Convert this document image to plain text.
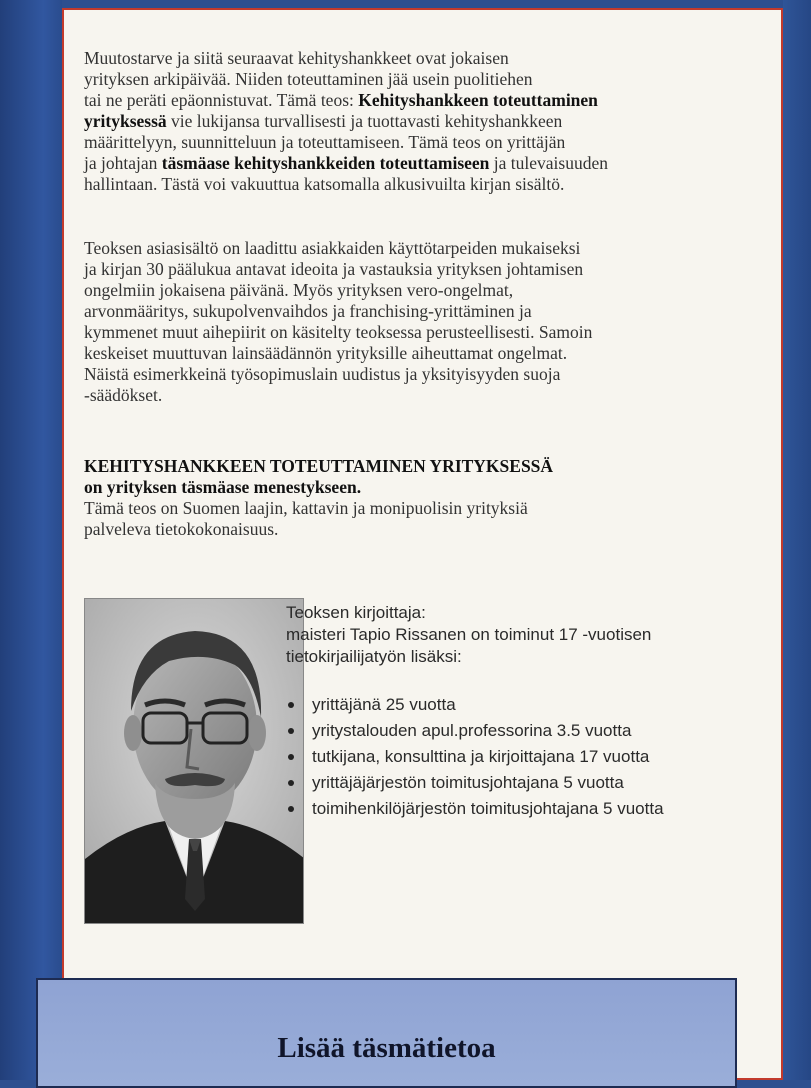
Muutostarve ja siitä seuraavat kehityshankkeet ovat jokaisen
yrityksen arkipäivää. Niiden toteuttaminen jää usein puolitiehen
tai ne peräti epäonnistuvat. Tämä teos: Kehityshankkeen toteuttaminen
yrityksessä vie lukijansa turvallisesti ja tuottavasti kehityshankkeen
määrittelyyn, suunnitteluun ja toteuttamiseen. Tämä teos on yrittäjän
ja johtajan täsmäase kehityshankkeiden toteuttamiseen ja tulevaisuuden
hallintaan. Tästä voi vakuuttua katsomalla alkusivuilta kirjan sisältö.
Teoksen asiasisältö on laadittu asiakkaiden käyttötarpeiden mukaiseksi
ja kirjan 30 päälukua antavat ideoita ja vastauksia yrityksen johtamisen
ongelmiin jokaisena päivänä. Myös yrityksen vero-ongelmat,
arvonmääritys, sukupolvenvaihdos ja franchising-yrittäminen ja
kymmenet muut aihepiirit on käsitelty teoksessa perusteellisesti. Samoin
keskeiset muuttuvan lainsäädännön yrityksille aiheuttamat ongelmat.
Näistä esimerkkeinä työsopimuslain uudistus ja yksityisyyden suoja
-säädökset.
KEHITYSHANKKEEN TOTEUTTAMINEN YRITYKSESSÄ
on yrityksen täsmäase menestykseen.
Tämä teos on Suomen laajin, kattavin ja monipuolisin yrityksiä
palveleva tietokokonaisuus.
Teoksen kirjoittaja:
maisteri Tapio Rissanen on toiminut 17 -vuotisen
tietokirjailijatyön lisäksi:
yrittäjänä 25 vuotta
yritystalouden apul.professorina 3.5 vuotta
tutkijana, konsulttina ja kirjoittajana 17 vuotta
yrittäjäjärjestön toimitusjohtajana 5 vuotta
toimihenkilöjärjestön toimitusjohtajana 5 vuotta
Lisää täsmätietoa
